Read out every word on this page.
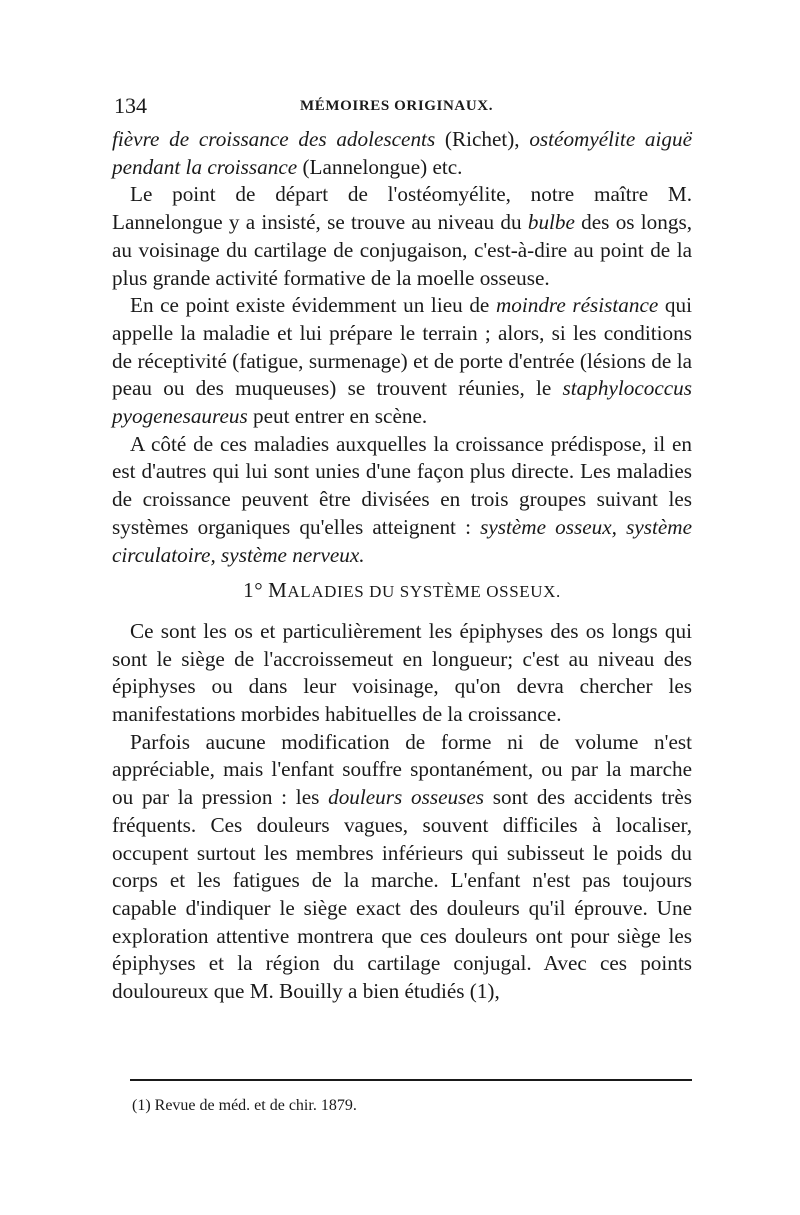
134	MÉMOIRES ORIGINAUX.

fièvre de croissance des adolescents (Richet), ostéomyélite aiguë pendant la croissance (Lannelongue) etc.

Le point de départ de l'ostéomyélite, notre maître M. Lannelongue y a insisté, se trouve au niveau du bulbe des os longs, au voisinage du cartilage de conjugaison, c'est-à-dire au point de la plus grande activité formative de la moelle osseuse.

En ce point existe évidemment un lieu de moindre résistance qui appelle la maladie et lui prépare le terrain ; alors, si les conditions de réceptivité (fatigue, surmenage) et de porte d'entrée (lésions de la peau ou des muqueuses) se trouvent réunies, le staphylococcus pyogenesaureus peut entrer en scène.

A côté de ces maladies auxquelles la croissance prédispose, il en est d'autres qui lui sont unies d'une façon plus directe. Les maladies de croissance peuvent être divisées en trois groupes suivant les systèmes organiques qu'elles atteignent : système osseux, système circulatoire, système nerveux.

1° MALADIES DU SYSTÈME OSSEUX.

Ce sont les os et particulièrement les épiphyses des os longs qui sont le siège de l'accroissemeut en longueur; c'est au niveau des épiphyses ou dans leur voisinage, qu'on devra chercher les manifestations morbides habituelles de la croissance.

Parfois aucune modification de forme ni de volume n'est appréciable, mais l'enfant souffre spontanément, ou par la marche ou par la pression : les douleurs osseuses sont des accidents très fréquents. Ces douleurs vagues, souvent difficiles à localiser, occupent surtout les membres inférieurs qui subisseut le poids du corps et les fatigues de la marche. L'enfant n'est pas toujours capable d'indiquer le siège exact des douleurs qu'il éprouve. Une exploration attentive montrera que ces douleurs ont pour siège les épiphyses et la région du cartilage conjugal. Avec ces points douloureux que M. Bouilly a bien étudiés (1),

(1) Revue de méd. et de chir. 1879.
